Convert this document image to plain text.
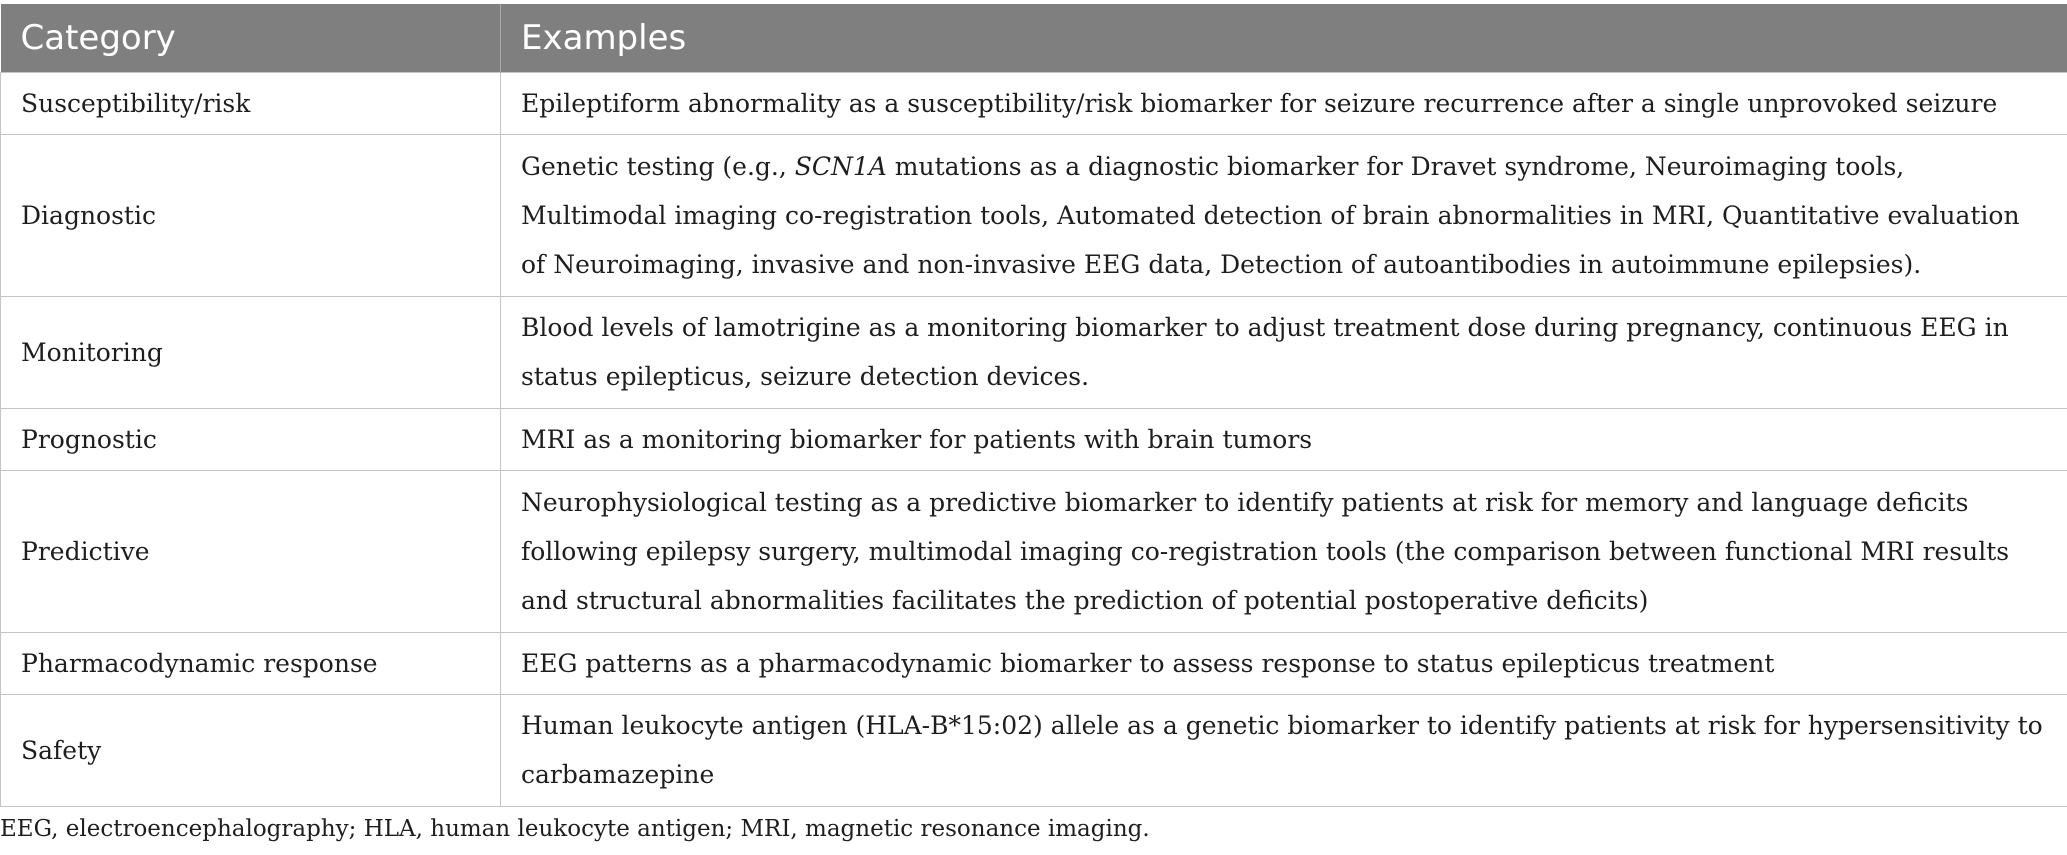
Category	Examples
Susceptibility/risk	Epileptiform abnormality as a susceptibility/risk biomarker for seizure recurrence after a single unprovoked seizure
Diagnostic	Genetic testing (e.g., SCN1A mutations as a diagnostic biomarker for Dravet syndrome, Neuroimaging tools, Multimodal imaging co-registration tools, Automated detection of brain abnormalities in MRI, Quantitative evaluation of Neuroimaging, invasive and non-invasive EEG data, Detection of autoantibodies in autoimmune epilepsies).
Monitoring	Blood levels of lamotrigine as a monitoring biomarker to adjust treatment dose during pregnancy, continuous EEG in status epilepticus, seizure detection devices.
Prognostic	MRI as a monitoring biomarker for patients with brain tumors
Predictive	Neurophysiological testing as a predictive biomarker to identify patients at risk for memory and language deficits following epilepsy surgery, multimodal imaging co-registration tools (the comparison between functional MRI results and structural abnormalities facilitates the prediction of potential postoperative deficits)
Pharmacodynamic response	EEG patterns as a pharmacodynamic biomarker to assess response to status epilepticus treatment
Safety	Human leukocyte antigen (HLA-B*15:02) allele as a genetic biomarker to identify patients at risk for hypersensitivity to carbamazepine
EEG, electroencephalography; HLA, human leukocyte antigen; MRI, magnetic resonance imaging.
